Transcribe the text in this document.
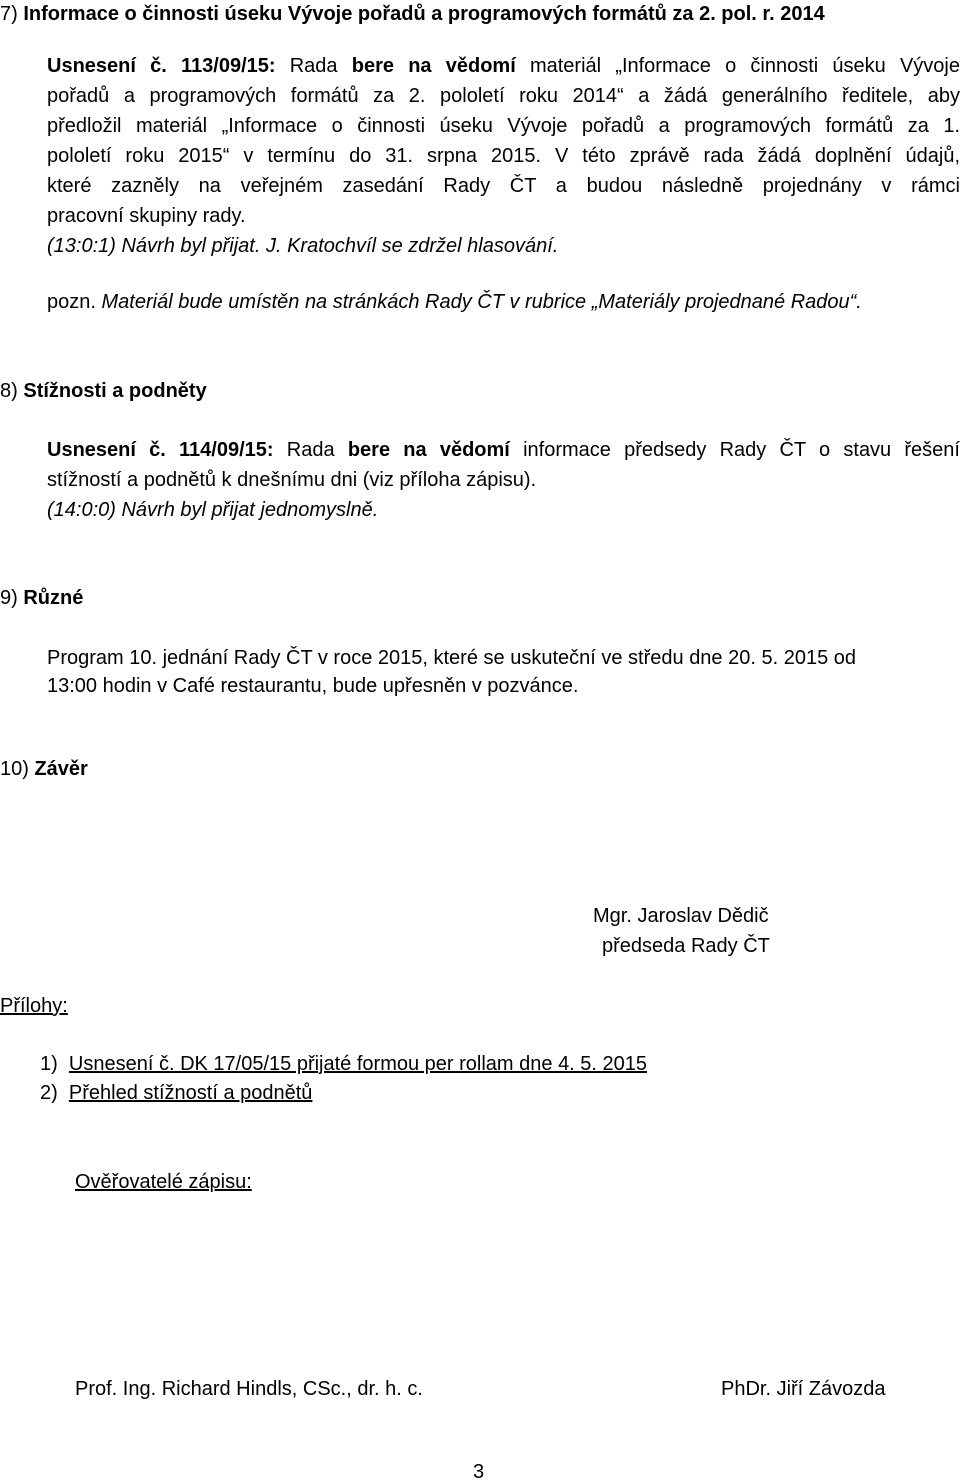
7) Informace o činnosti úseku Vývoje pořadů a programových formátů za 2. pol. r. 2014
Usnesení č. 113/09/15: Rada bere na vědomí materiál „Informace o činnosti úseku Vývoje
pořadů a programových formátů za 2. pololetí roku 2014“ a žádá generálního ředitele, aby
předložil materiál „Informace o činnosti úseku Vývoje pořadů a programových formátů za 1.
pololetí roku 2015“ v termínu do 31. srpna 2015. V této zprávě rada žádá doplnění údajů,
které zazněly na veřejném zasedání Rady ČT a budou následně projednány v rámci
pracovní skupiny rady.
(13:0:1) Návrh byl přijat. J. Kratochvíl se zdržel hlasování.
pozn. Materiál bude umístěn na stránkách Rady ČT v rubrice „Materiály projednané Radou“.
8) Stížnosti a podněty
Usnesení č. 114/09/15: Rada bere na vědomí informace předsedy Rady ČT o stavu řešení
stížností a podnětů k dnešnímu dni (viz příloha zápisu).
(14:0:0) Návrh byl přijat jednomyslně.
9) Různé
Program 10. jednání Rady ČT v roce 2015, které se uskuteční ve středu dne 20. 5. 2015 od
13:00 hodin v Café restaurantu, bude upřesněn v pozvánce.
10) Závěr
Mgr. Jaroslav Dědič
předseda Rady ČT
Přílohy:
1) Usnesení č. DK 17/05/15 přijaté formou per rollam dne 4. 5. 2015
2) Přehled stížností a podnětů
Ověřovatelé zápisu:
Prof. Ing. Richard Hindls, CSc., dr. h. c.	PhDr. Jiří Závozda
3
